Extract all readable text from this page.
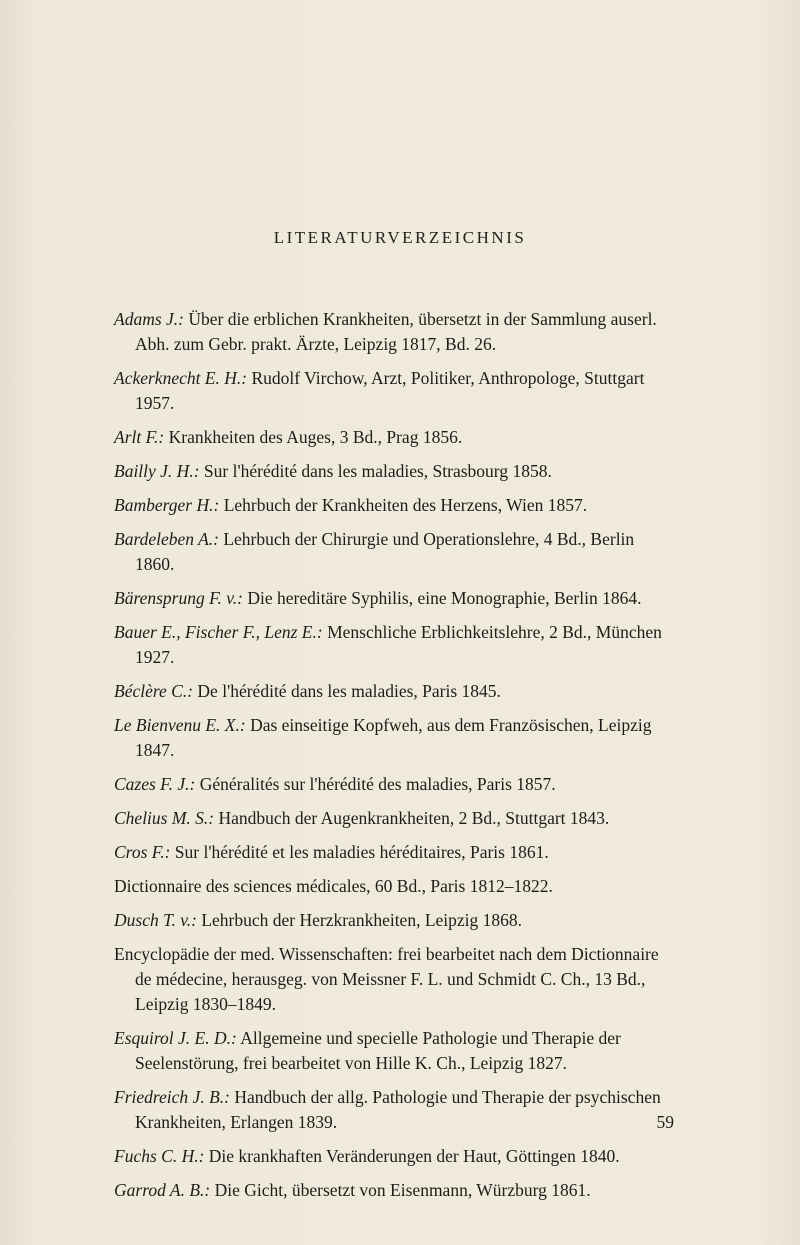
LITERATURVERZEICHNIS
Adams J.: Über die erblichen Krankheiten, übersetzt in der Sammlung auserl. Abh. zum Gebr. prakt. Ärzte, Leipzig 1817, Bd. 26.
Ackerknecht E. H.: Rudolf Virchow, Arzt, Politiker, Anthropologe, Stuttgart 1957.
Arlt F.: Krankheiten des Auges, 3 Bd., Prag 1856.
Bailly J. H.: Sur l'hérédité dans les maladies, Strasbourg 1858.
Bamberger H.: Lehrbuch der Krankheiten des Herzens, Wien 1857.
Bardeleben A.: Lehrbuch der Chirurgie und Operationslehre, 4 Bd., Berlin 1860.
Bärensprung F. v.: Die hereditäre Syphilis, eine Monographie, Berlin 1864.
Bauer E., Fischer F., Lenz E.: Menschliche Erblichkeitslehre, 2 Bd., München 1927.
Béclère C.: De l'hérédité dans les maladies, Paris 1845.
Le Bienvenu E. X.: Das einseitige Kopfweh, aus dem Französischen, Leipzig 1847.
Cazes F. J.: Généralités sur l'hérédité des maladies, Paris 1857.
Chelius M. S.: Handbuch der Augenkrankheiten, 2 Bd., Stuttgart 1843.
Cros F.: Sur l'hérédité et les maladies héréditaires, Paris 1861.
Dictionnaire des sciences médicales, 60 Bd., Paris 1812–1822.
Dusch T. v.: Lehrbuch der Herzkrankheiten, Leipzig 1868.
Encyclopädie der med. Wissenschaften: frei bearbeitet nach dem Dictionnaire de médecine, herausgeg. von Meissner F. L. und Schmidt C. Ch., 13 Bd., Leipzig 1830–1849.
Esquirol J. E. D.: Allgemeine und specielle Pathologie und Therapie der Seelenstörung, frei bearbeitet von Hille K. Ch., Leipzig 1827.
Friedreich J. B.: Handbuch der allg. Pathologie und Therapie der psychischen Krankheiten, Erlangen 1839.
Fuchs C. H.: Die krankhaften Veränderungen der Haut, Göttingen 1840.
Garrod A. B.: Die Gicht, übersetzt von Eisenmann, Würzburg 1861.
59
